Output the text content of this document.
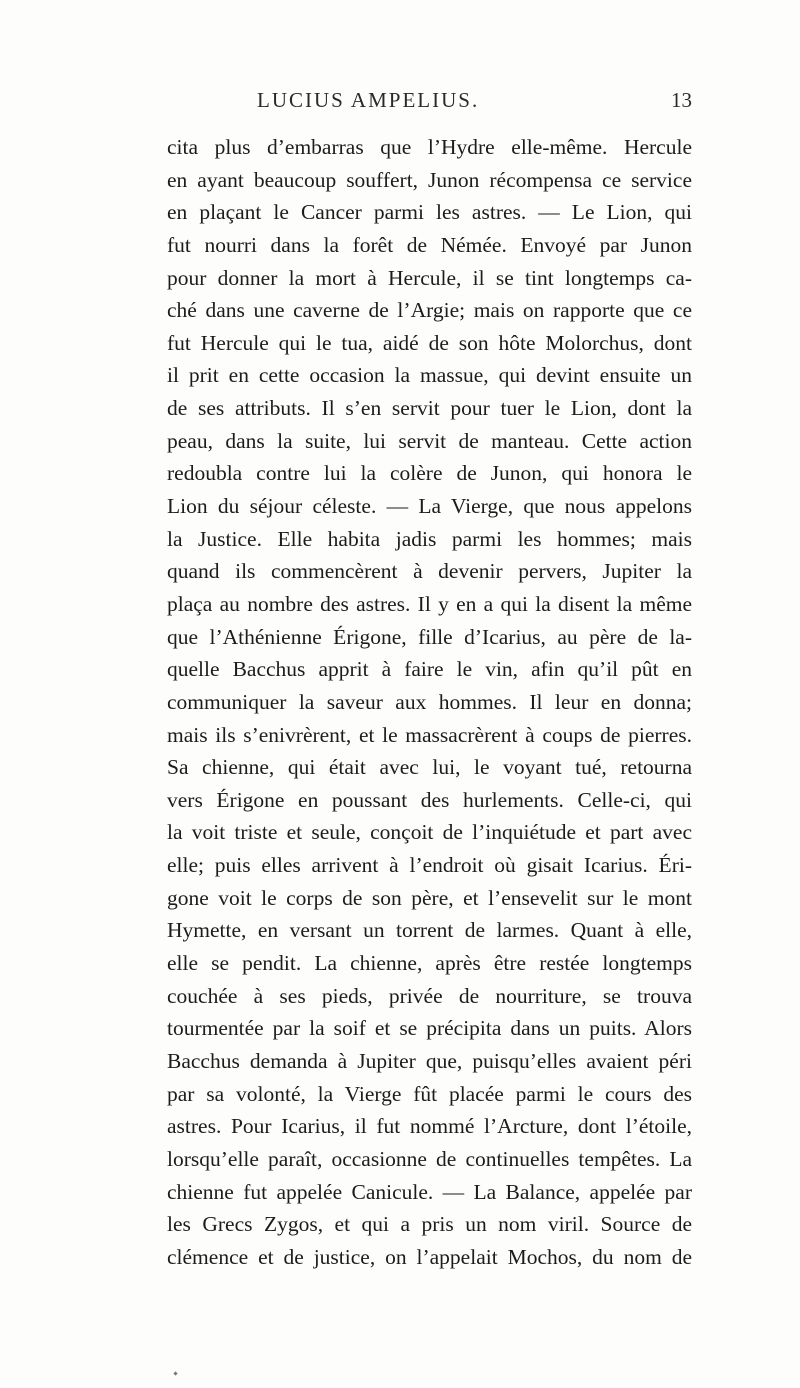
LUCIUS AMPELIUS.	13
cita plus d’embarras que l’Hydre elle-même. Hercule
en ayant beaucoup souffert, Junon récompensa ce service
en plaçant le Cancer parmi les astres. — Le Lion, qui
fut nourri dans la forêt de Némée. Envoyé par Junon
pour donner la mort à Hercule, il se tint longtemps ca-
ché dans une caverne de l’Argie; mais on rapporte que ce
fut Hercule qui le tua, aidé de son hôte Molorchus, dont
il prit en cette occasion la massue, qui devint ensuite un
de ses attributs. Il s’en servit pour tuer le Lion, dont la
peau, dans la suite, lui servit de manteau. Cette action
redoubla contre lui la colère de Junon, qui honora le
Lion du séjour céleste. — La Vierge, que nous appelons
la Justice. Elle habita jadis parmi les hommes; mais
quand ils commencèrent à devenir pervers, Jupiter la
plaça au nombre des astres. Il y en a qui la disent la même
que l’Athénienne Érigone, fille d’Icarius, au père de la-
quelle Bacchus apprit à faire le vin, afin qu’il pût en
communiquer la saveur aux hommes. Il leur en donna;
mais ils s’enivrèrent, et le massacrèrent à coups de pierres.
Sa chienne, qui était avec lui, le voyant tué, retourna
vers Érigone en poussant des hurlements. Celle-ci, qui
la voit triste et seule, conçoit de l’inquiétude et part avec
elle; puis elles arrivent à l’endroit où gisait Icarius. Éri-
gone voit le corps de son père, et l’ensevelit sur le mont
Hymette, en versant un torrent de larmes. Quant à elle,
elle se pendit. La chienne, après être restée longtemps
couchée à ses pieds, privée de nourriture, se trouva
tourmentée par la soif et se précipita dans un puits. Alors
Bacchus demanda à Jupiter que, puisqu’elles avaient péri
par sa volonté, la Vierge fût placée parmi le cours des
astres. Pour Icarius, il fut nommé l’Arcture, dont l’étoile,
lorsqu’elle paraît, occasionne de continuelles tempêtes. La
chienne fut appelée Canicule. — La Balance, appelée par
les Grecs Zygos, et qui a pris un nom viril. Source de
clémence et de justice, on l’appelait Mochos, du nom de
